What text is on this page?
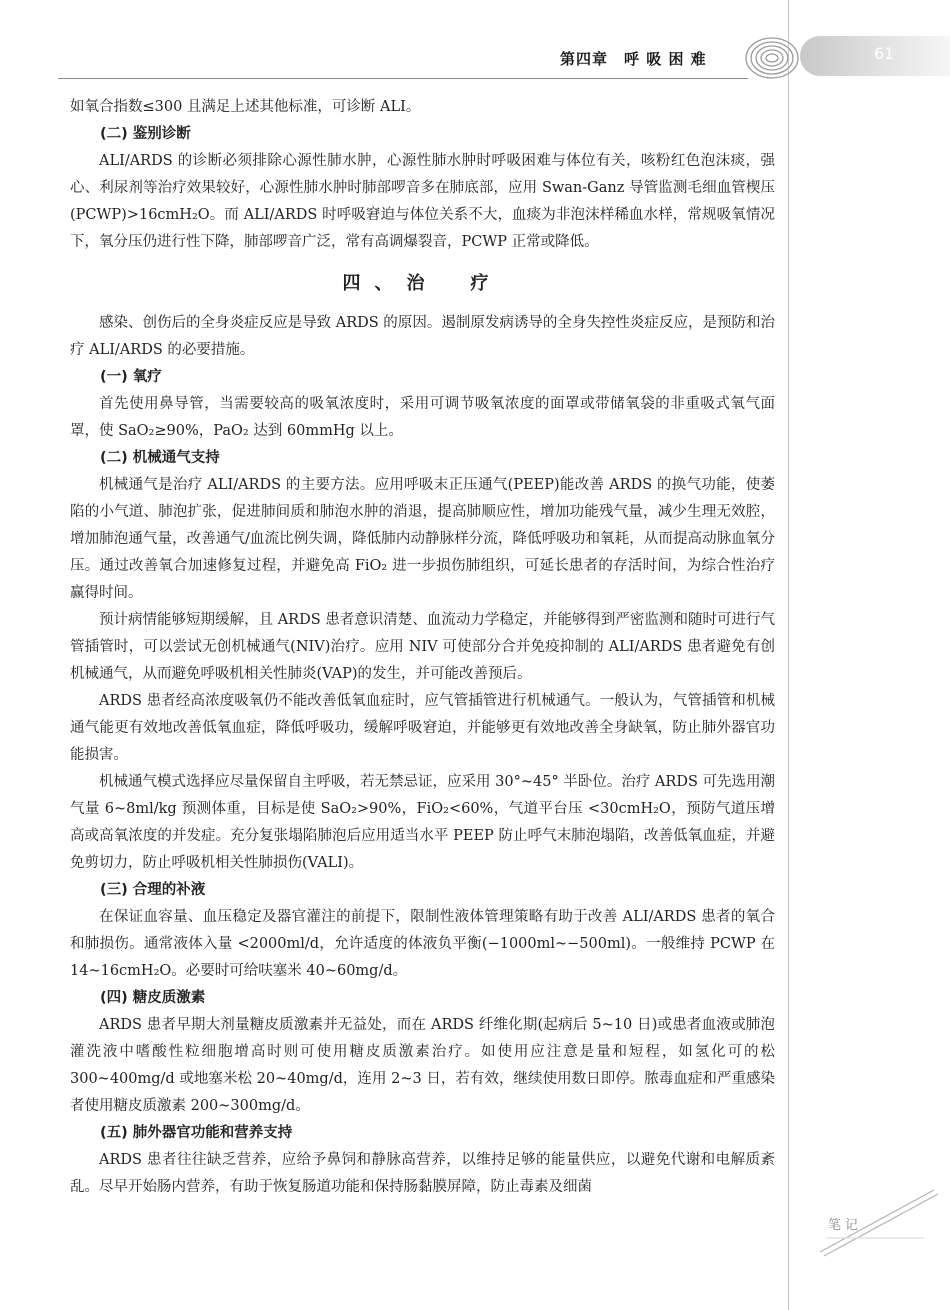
第四章　呼 吸 困 难	61

如氧合指数≤300 且满足上述其他标准，可诊断 ALI。

(二) 鉴别诊断

ALI/ARDS 的诊断必须排除心源性肺水肿，心源性肺水肿时呼吸困难与体位有关，咳粉红色泡沫痰，强心、利尿剂等治疗效果较好，心源性肺水肿时肺部啰音多在肺底部，应用 Swan-Ganz 导管监测毛细血管楔压(PCWP)>16cmH₂O。而 ALI/ARDS 时呼吸窘迫与体位关系不大，血痰为非泡沫样稀血水样，常规吸氧情况下，氧分压仍进行性下降，肺部啰音广泛，常有高调爆裂音，PCWP 正常或降低。

四、治　疗

感染、创伤后的全身炎症反应是导致 ARDS 的原因。遏制原发病诱导的全身失控性炎症反应，是预防和治疗 ALI/ARDS 的必要措施。

(一) 氧疗

首先使用鼻导管，当需要较高的吸氧浓度时，采用可调节吸氧浓度的面罩或带储氧袋的非重吸式氧气面罩，使 SaO₂≥90%，PaO₂ 达到 60mmHg 以上。

(二) 机械通气支持

机械通气是治疗 ALI/ARDS 的主要方法。应用呼吸末正压通气(PEEP)能改善 ARDS 的换气功能，使萎陷的小气道、肺泡扩张，促进肺间质和肺泡水肿的消退，提高肺顺应性，增加功能残气量，减少生理无效腔，增加肺泡通气量，改善通气/血流比例失调，降低肺内动静脉样分流，降低呼吸功和氧耗，从而提高动脉血氧分压。通过改善氧合加速修复过程，并避免高 FiO₂ 进一步损伤肺组织，可延长患者的存活时间，为综合性治疗赢得时间。

预计病情能够短期缓解，且 ARDS 患者意识清楚、血流动力学稳定，并能够得到严密监测和随时可进行气管插管时，可以尝试无创机械通气(NIV)治疗。应用 NIV 可使部分合并免疫抑制的 ALI/ARDS 患者避免有创机械通气，从而避免呼吸机相关性肺炎(VAP)的发生，并可能改善预后。

ARDS 患者经高浓度吸氧仍不能改善低氧血症时，应气管插管进行机械通气。一般认为，气管插管和机械通气能更有效地改善低氧血症，降低呼吸功，缓解呼吸窘迫，并能够更有效地改善全身缺氧，防止肺外器官功能损害。

机械通气模式选择应尽量保留自主呼吸，若无禁忌证，应采用 30°~45° 半卧位。治疗 ARDS 可先选用潮气量 6~8ml/kg 预测体重，目标是使 SaO₂>90%，FiO₂<60%，气道平台压 <30cmH₂O，预防气道压增高或高氧浓度的并发症。充分复张塌陷肺泡后应用适当水平 PEEP 防止呼气末肺泡塌陷，改善低氧血症，并避免剪切力，防止呼吸机相关性肺损伤(VALI)。

(三) 合理的补液

在保证血容量、血压稳定及器官灌注的前提下，限制性液体管理策略有助于改善 ALI/ARDS 患者的氧合和肺损伤。通常液体入量 <2000ml/d，允许适度的体液负平衡(−1000ml~−500ml)。一般维持 PCWP 在 14~16cmH₂O。必要时可给呋塞米 40~60mg/d。

(四) 糖皮质激素

ARDS 患者早期大剂量糖皮质激素并无益处，而在 ARDS 纤维化期(起病后 5~10 日)或患者血液或肺泡灌洗液中嗜酸性粒细胞增高时则可使用糖皮质激素治疗。如使用应注意是量和短程，如氢化可的松 300~400mg/d 或地塞米松 20~40mg/d，连用 2~3 日，若有效，继续使用数日即停。脓毒血症和严重感染者使用糖皮质激素 200~300mg/d。

(五) 肺外器官功能和营养支持

ARDS 患者往往缺乏营养，应给予鼻饲和静脉高营养，以维持足够的能量供应，以避免代谢和电解质紊乱。尽早开始肠内营养，有助于恢复肠道功能和保持肠黏膜屏障，防止毒素及细菌

笔记
